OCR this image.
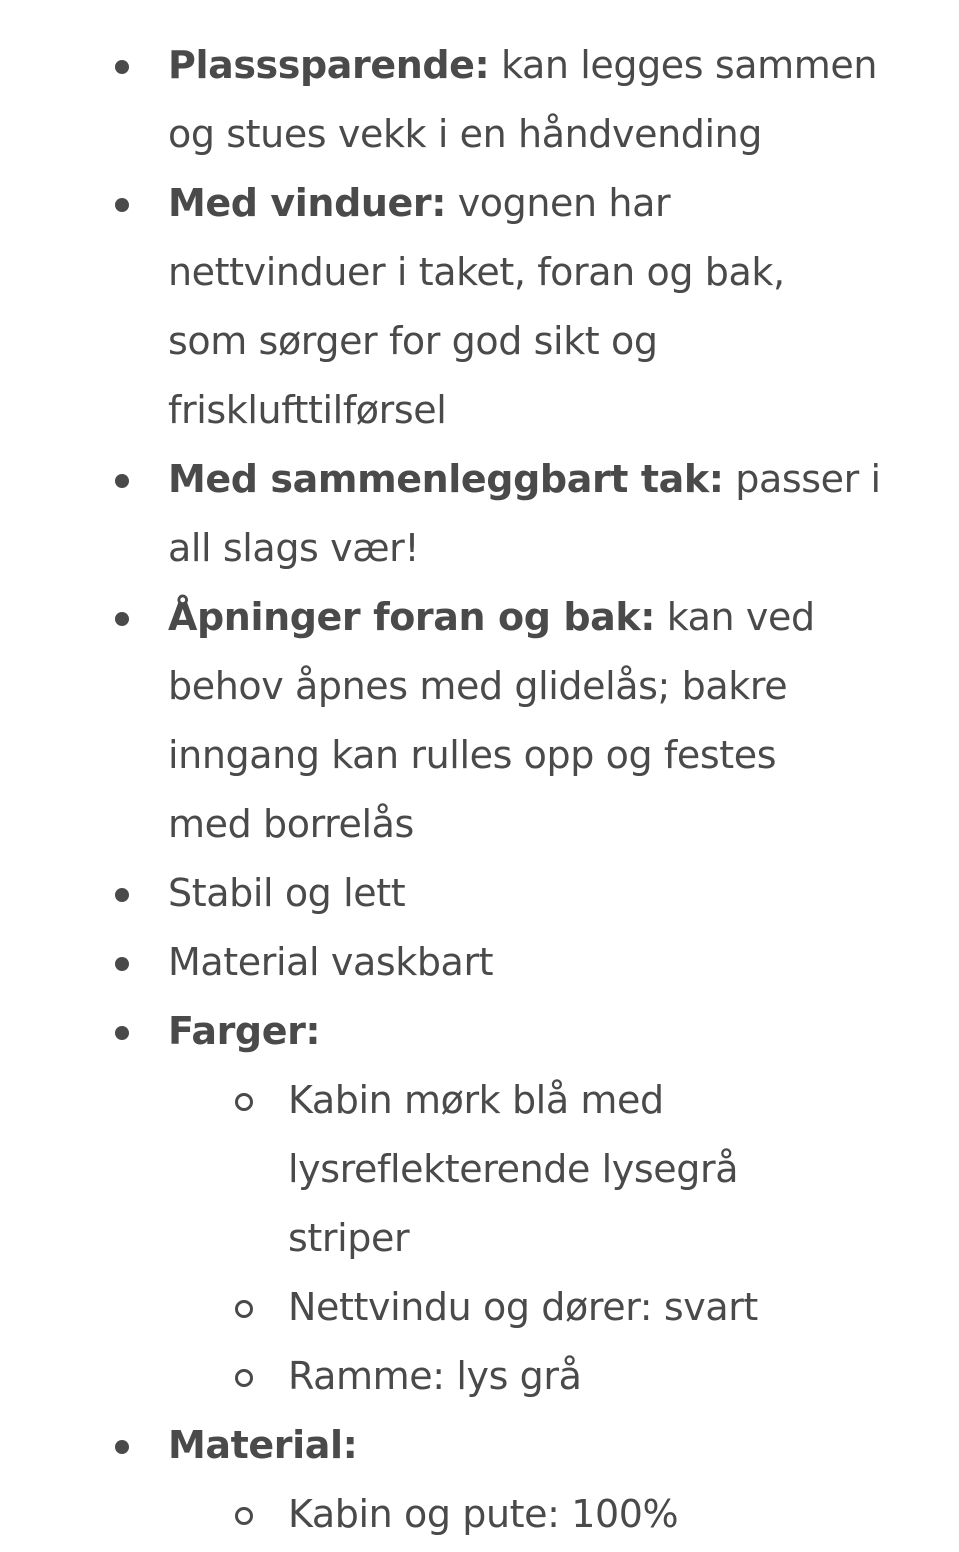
Plasssparende: kan legges sammen
og stues vekk i en håndvending
Med vinduer: vognen har
nettvinduer i taket, foran og bak,
som sørger for god sikt og
frisklufttilførsel
Med sammenleggbart tak: passer i
all slags vær!
Åpninger foran og bak: kan ved
behov åpnes med glidelås; bakre
inngang kan rulles opp og festes
med borrelås
Stabil og lett
Material vaskbart
Farger:
Kabin mørk blå med
lysreflekterende lysegrå
striper
Nettvindu og dører: svart
Ramme: lys grå
Material:
Kabin og pute: 100%
